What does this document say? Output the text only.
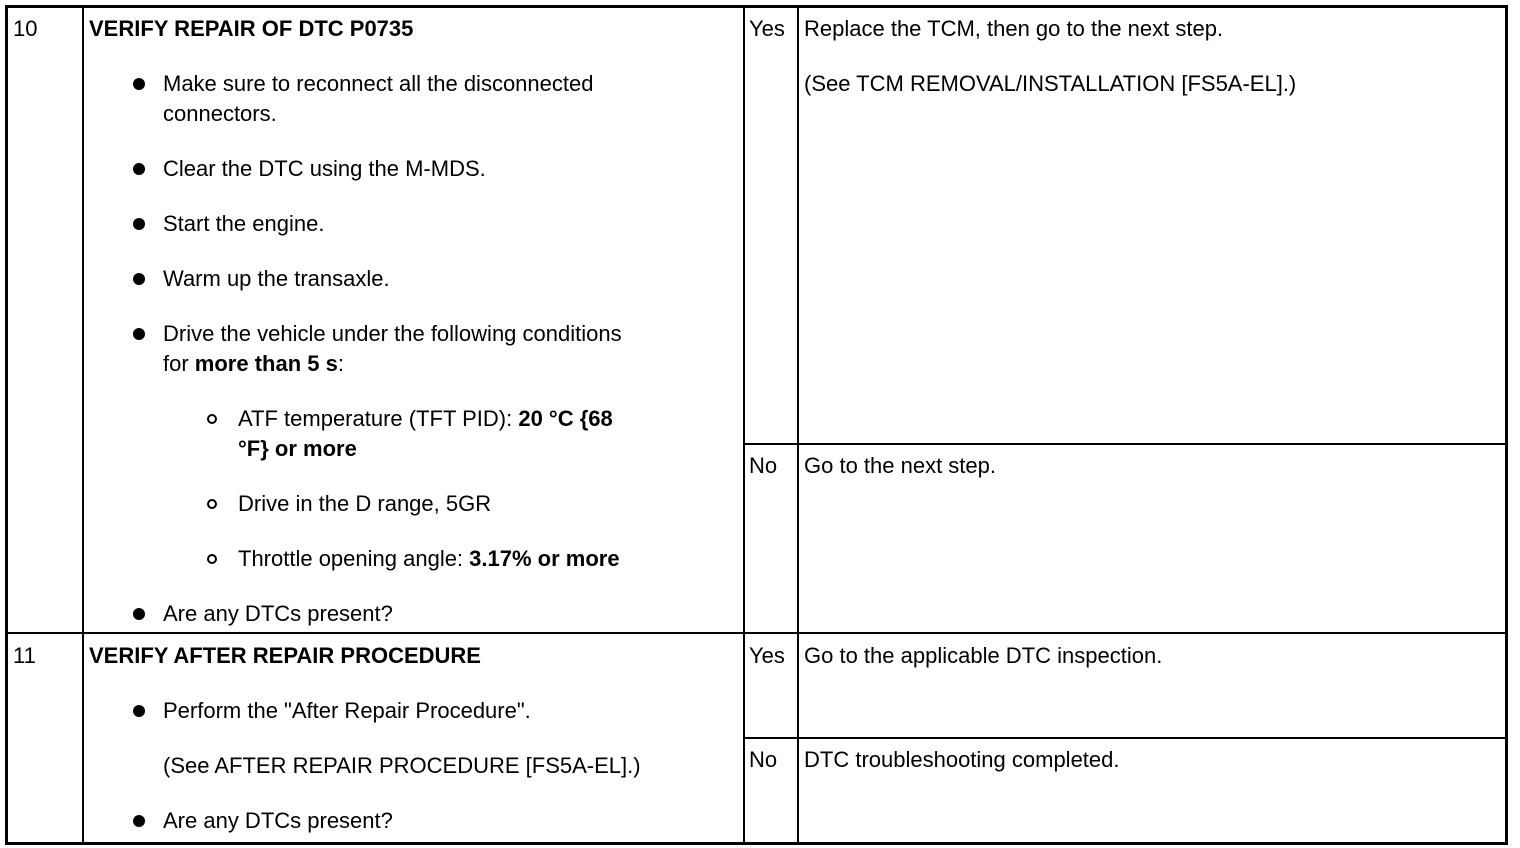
10 VERIFY REPAIR OF DTC P0735
Make sure to reconnect all the disconnected
connectors.
Clear the DTC using the M-MDS.
Start the engine.
Warm up the transaxle.
Drive the vehicle under the following conditions
for more than 5 s:
ATF temperature (TFT PID): 20 °C {68
°F} or more
Drive in the D range, 5GR
Throttle opening angle: 3.17% or more
Are any DTCs present?
Yes Replace the TCM, then go to the next step.
(See TCM REMOVAL/INSTALLATION [FS5A-EL].)
No Go to the next step.
11 VERIFY AFTER REPAIR PROCEDURE
Perform the "After Repair Procedure".
(See AFTER REPAIR PROCEDURE [FS5A-EL].)
Are any DTCs present?
Yes Go to the applicable DTC inspection.
No DTC troubleshooting completed.
